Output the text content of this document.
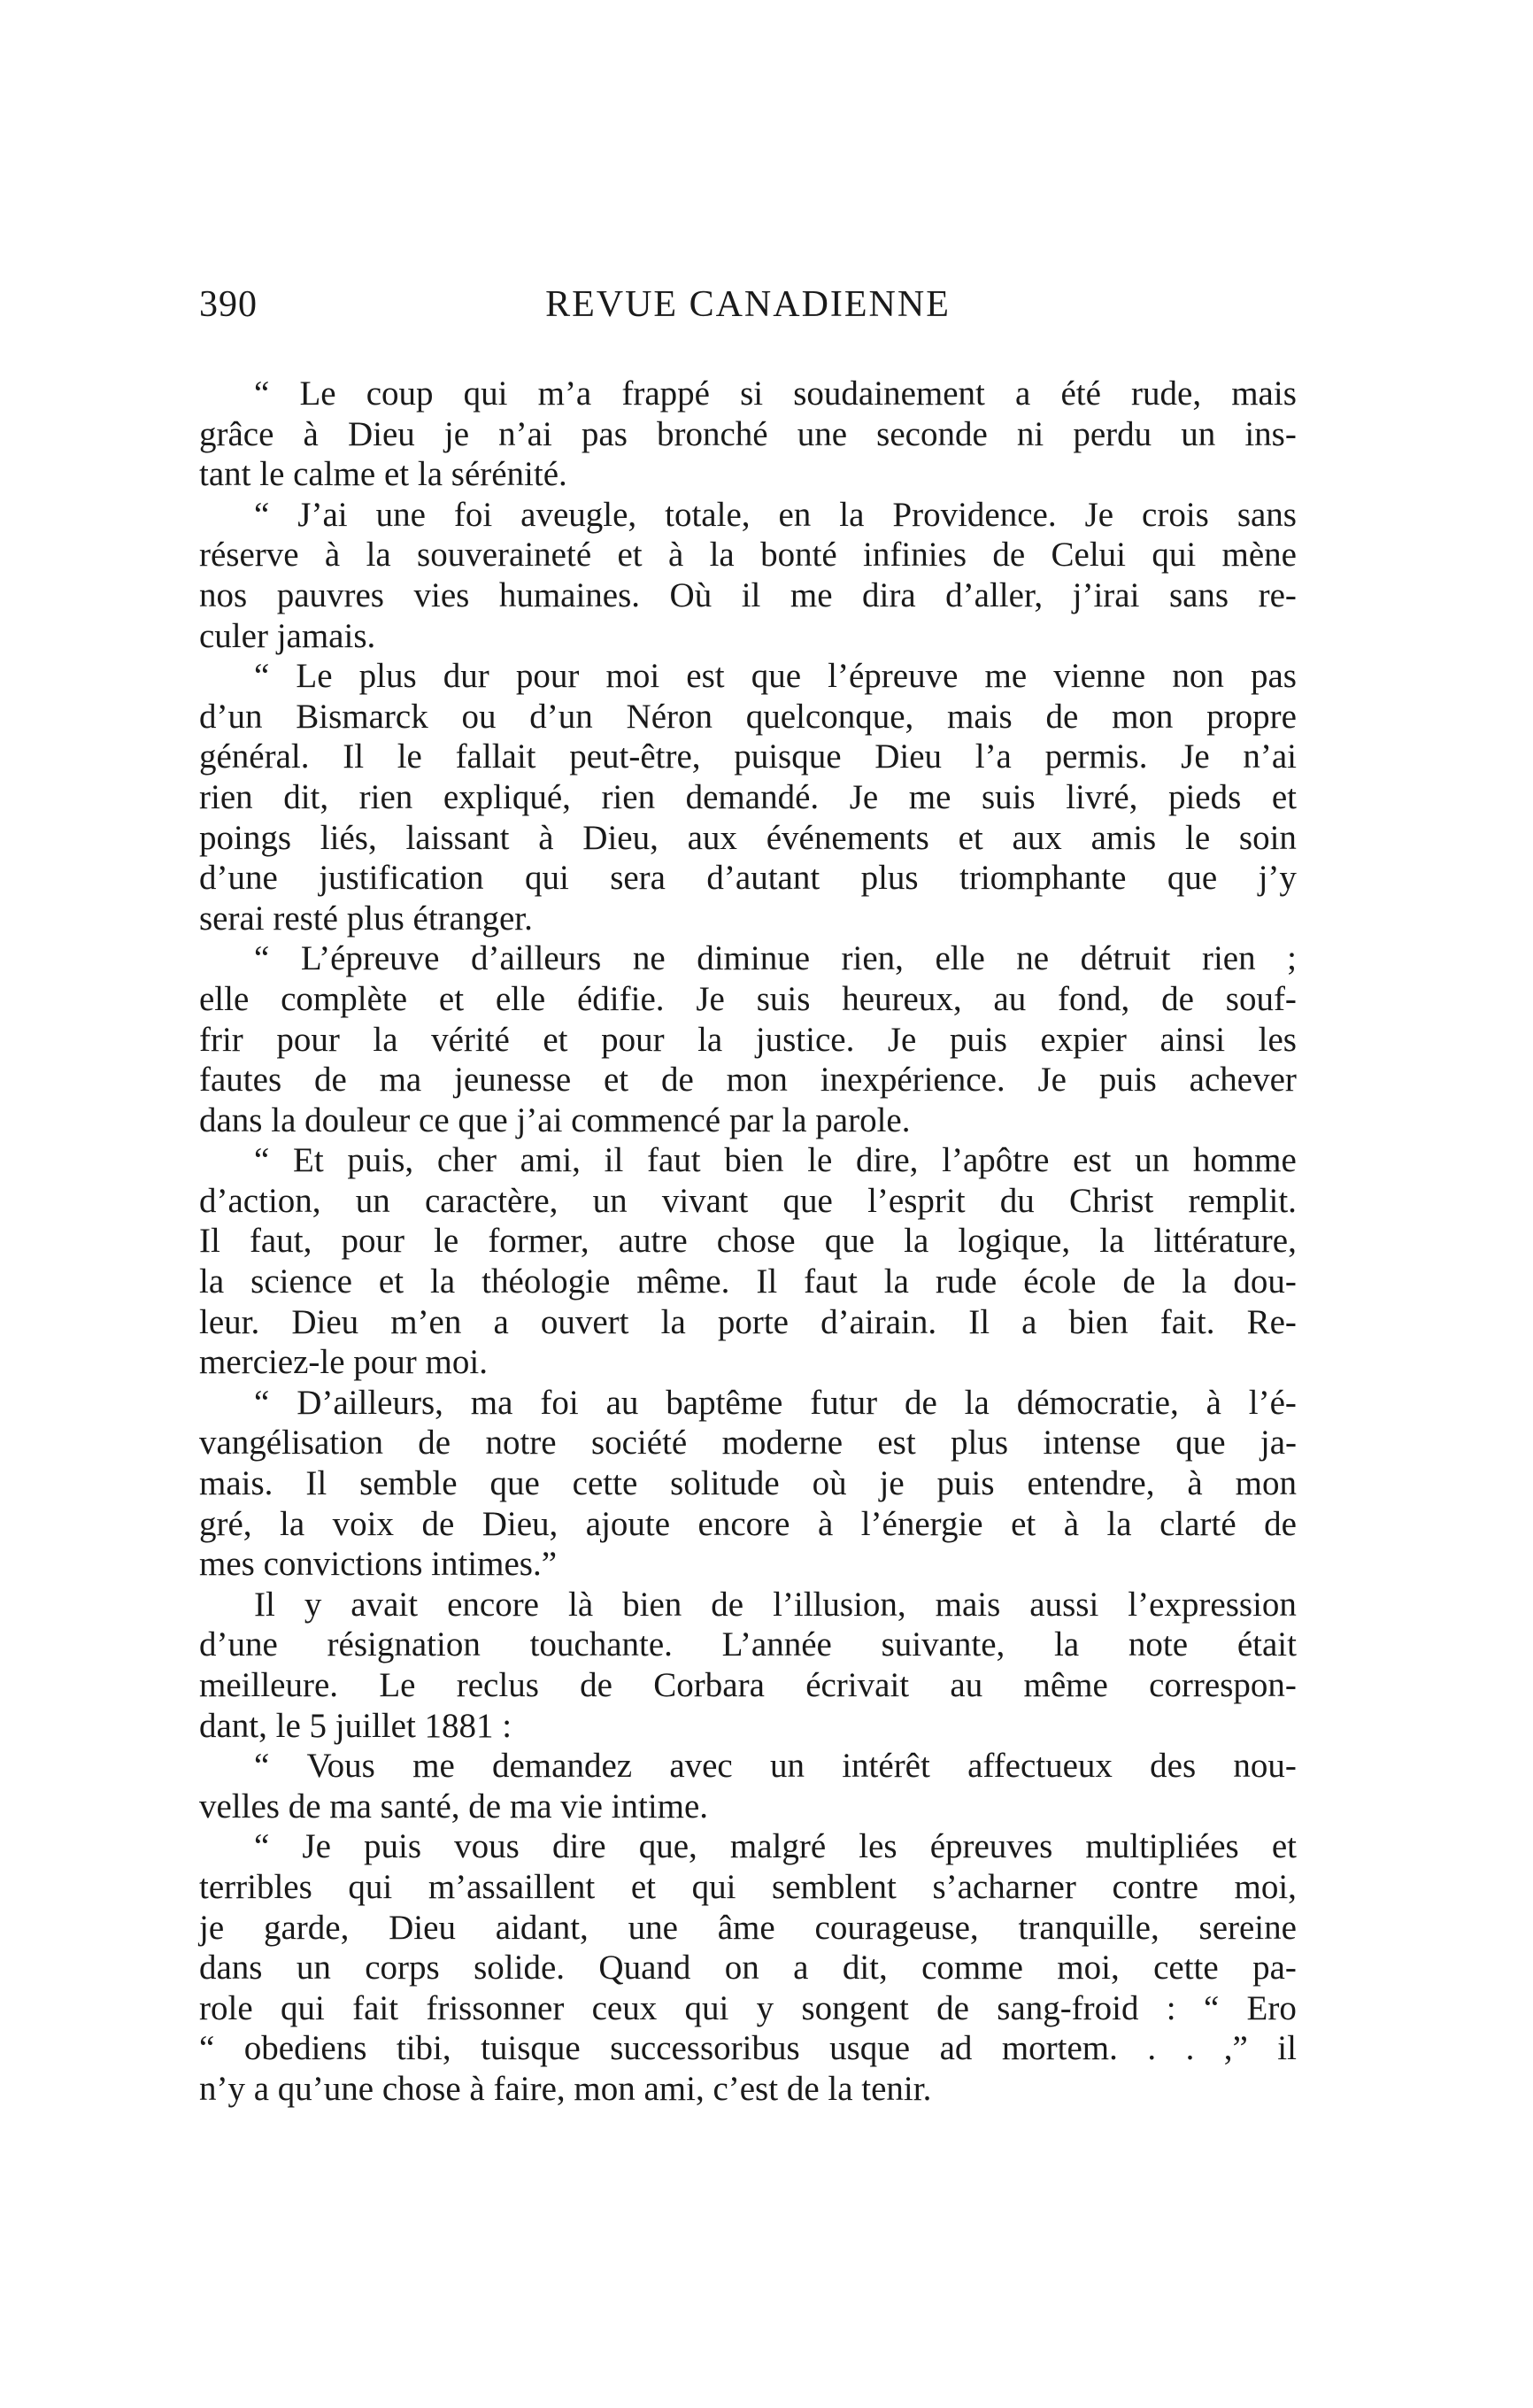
390	REVUE CANADIENNE
“ Le coup qui m’a frappé si soudainement a été rude, mais
grâce à Dieu je n’ai pas bronché une seconde ni perdu un ins-
tant le calme et la sérénité.
“ J’ai une foi aveugle, totale, en la Providence. Je crois sans
réserve à la souveraineté et à la bonté infinies de Celui qui mène
nos pauvres vies humaines. Où il me dira d’aller, j’irai sans re-
culer jamais.
“ Le plus dur pour moi est que l’épreuve me vienne non pas
d’un Bismarck ou d’un Néron quelconque, mais de mon propre
général. Il le fallait peut-être, puisque Dieu l’a permis. Je n’ai
rien dit, rien expliqué, rien demandé. Je me suis livré, pieds et
poings liés, laissant à Dieu, aux événements et aux amis le soin
d’une justification qui sera d’autant plus triomphante que j’y
serai resté plus étranger.
“ L’épreuve d’ailleurs ne diminue rien, elle ne détruit rien ;
elle complète et elle édifie. Je suis heureux, au fond, de souf-
frir pour la vérité et pour la justice. Je puis expier ainsi les
fautes de ma jeunesse et de mon inexpérience. Je puis achever
dans la douleur ce que j’ai commencé par la parole.
“ Et puis, cher ami, il faut bien le dire, l’apôtre est un homme
d’action, un caractère, un vivant que l’esprit du Christ remplit.
Il faut, pour le former, autre chose que la logique, la littérature,
la science et la théologie même. Il faut la rude école de la dou-
leur. Dieu m’en a ouvert la porte d’airain. Il a bien fait. Re-
merciez-le pour moi.
“ D’ailleurs, ma foi au baptême futur de la démocratie, à l’é-
vangélisation de notre société moderne est plus intense que ja-
mais. Il semble que cette solitude où je puis entendre, à mon
gré, la voix de Dieu, ajoute encore à l’énergie et à la clarté de
mes convictions intimes.”
Il y avait encore là bien de l’illusion, mais aussi l’expression
d’une résignation touchante. L’année suivante, la note était
meilleure. Le reclus de Corbara écrivait au même correspon-
dant, le 5 juillet 1881 :
“ Vous me demandez avec un intérêt affectueux des nou-
velles de ma santé, de ma vie intime.
“ Je puis vous dire que, malgré les épreuves multipliées et
terribles qui m’assaillent et qui semblent s’acharner contre moi,
je garde, Dieu aidant, une âme courageuse, tranquille, sereine
dans un corps solide. Quand on a dit, comme moi, cette pa-
role qui fait frissonner ceux qui y songent de sang-froid : “ Ero
“ obediens tibi, tuisque successoribus usque ad mortem. . . ,” il
n’y a qu’une chose à faire, mon ami, c’est de la tenir.
